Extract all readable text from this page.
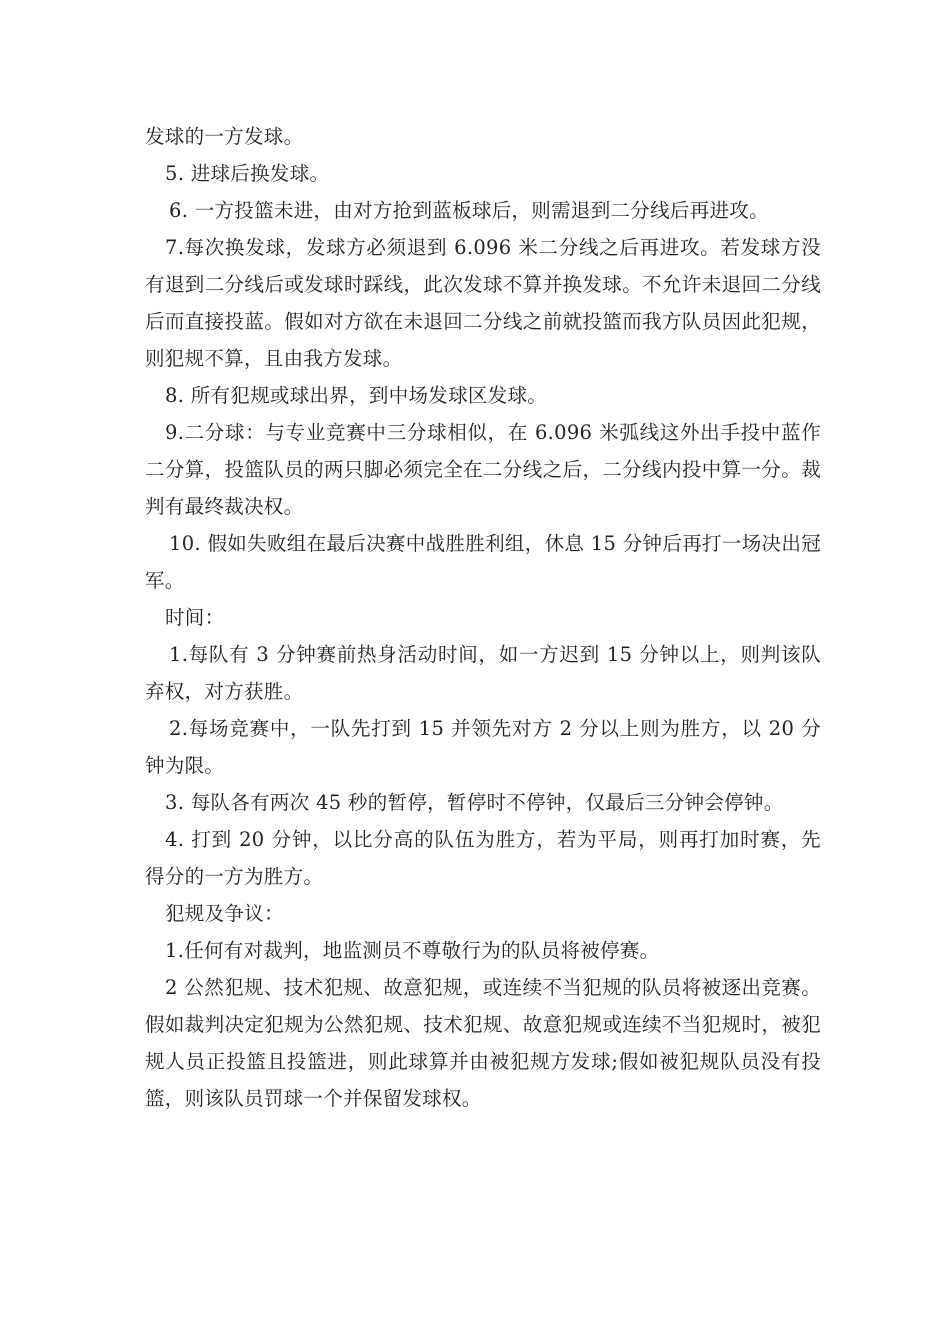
发球的一方发球。

5. 进球后换发球。

6. 一方投篮未进，由对方抢到蓝板球后，则需退到二分线后再进攻。

7.每次换发球，发球方必须退到 6.096 米二分线之后再进攻。若发球方没有退到二分线后或发球时踩线，此次发球不算并换发球。不允许未退回二分线后而直接投蓝。假如对方欲在未退回二分线之前就投篮而我方队员因此犯规，则犯规不算，且由我方发球。

8. 所有犯规或球出界，到中场发球区发球。

9.二分球：与专业竞赛中三分球相似，在 6.096 米弧线这外出手投中蓝作二分算，投篮队员的两只脚必须完全在二分线之后，二分线内投中算一分。裁判有最终裁决权。

10. 假如失败组在最后决赛中战胜胜利组，休息 15 分钟后再打一场决出冠军。

时间：

1.每队有 3 分钟赛前热身活动时间，如一方迟到 15 分钟以上，则判该队弃权，对方获胜。

2.每场竞赛中，一队先打到 15 并领先对方 2 分以上则为胜方，以 20 分钟为限。

3. 每队各有两次 45 秒的暂停，暂停时不停钟，仅最后三分钟会停钟。

4. 打到 20 分钟，以比分高的队伍为胜方，若为平局，则再打加时赛，先得分的一方为胜方。

犯规及争议：

1.任何有对裁判，地监测员不尊敬行为的队员将被停赛。

2 公然犯规、技术犯规、故意犯规，或连续不当犯规的队员将被逐出竞赛。假如裁判决定犯规为公然犯规、技术犯规、故意犯规或连续不当犯规时，被犯规人员正投篮且投篮进，则此球算并由被犯规方发球;假如被犯规队员没有投篮，则该队员罚球一个并保留发球权。
